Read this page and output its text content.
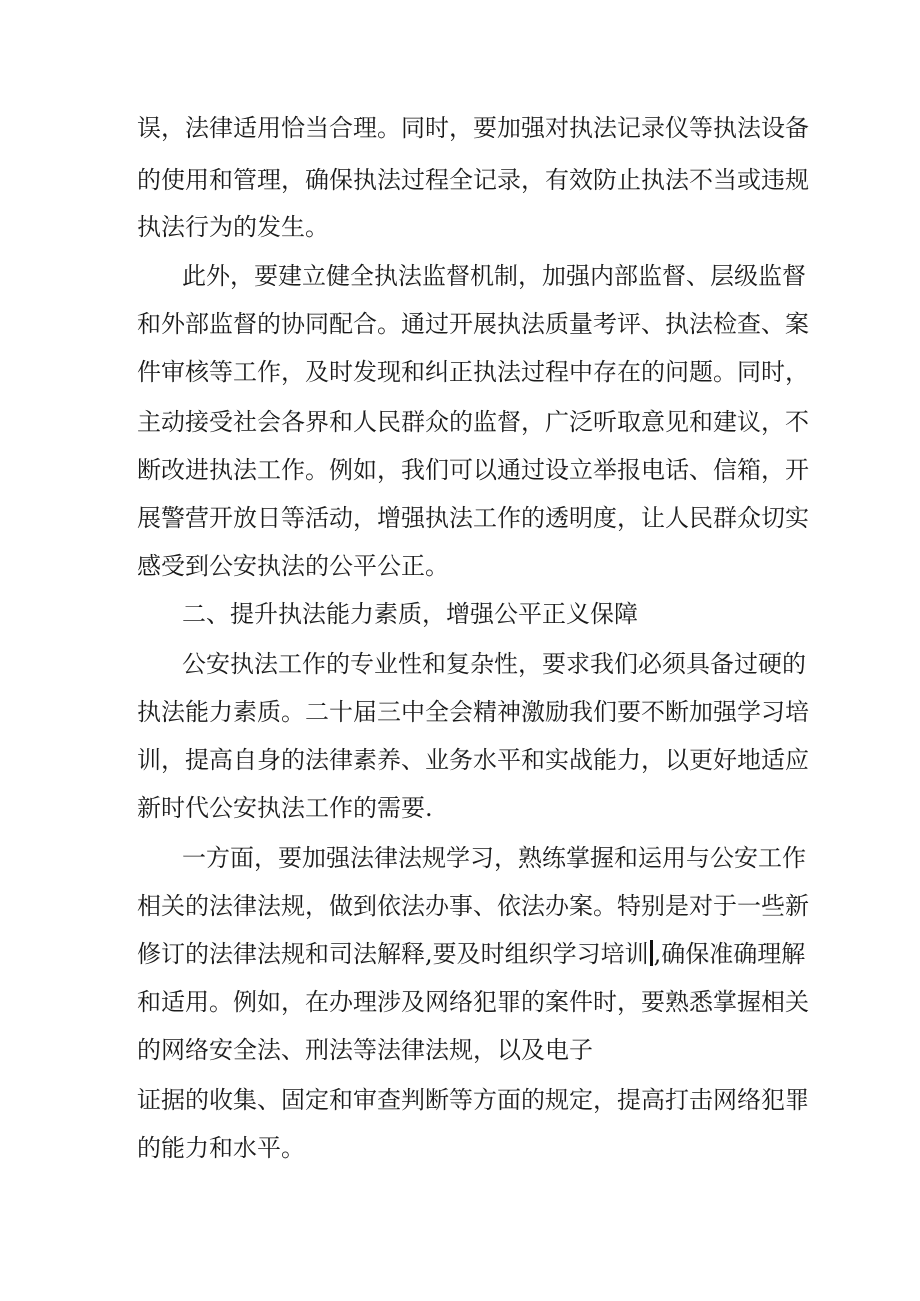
误，法律适用恰当合理。同时，要加强对执法记录仪等执法设备
的使用和管理，确保执法过程全记录，有效防止执法不当或违规
执法行为的发生。
此外，要建立健全执法监督机制，加强内部监督、层级监督
和外部监督的协同配合。通过开展执法质量考评、执法检查、案
件审核等工作，及时发现和纠正执法过程中存在的问题。同时，
主动接受社会各界和人民群众的监督，广泛听取意见和建议，不
断改进执法工作。例如，我们可以通过设立举报电话、信箱，开
展警营开放日等活动，增强执法工作的透明度，让人民群众切实
感受到公安执法的公平公正。
二、提升执法能力素质，增强公平正义保障
公安执法工作的专业性和复杂性，要求我们必须具备过硬的
执法能力素质。二十届三中全会精神激励我们要不断加强学习培
训，提高自身的法律素养、业务水平和实战能力，以更好地适应
新时代公安执法工作的需要.
一方面，要加强法律法规学习，熟练掌握和运用与公安工作
相关的法律法规，做到依法办事、依法办案。特别是对于一些新
修订的法律法规和司法解释,要及时组织学习培训 ,确保准确理解
和适用。例如，在办理涉及网络犯罪的案件时，要熟悉掌握相关
的网络安全法、刑法等法律法规，以及电子
证据的收集、固定和审查判断等方面的规定，提高打击网络犯罪
的能力和水平。
